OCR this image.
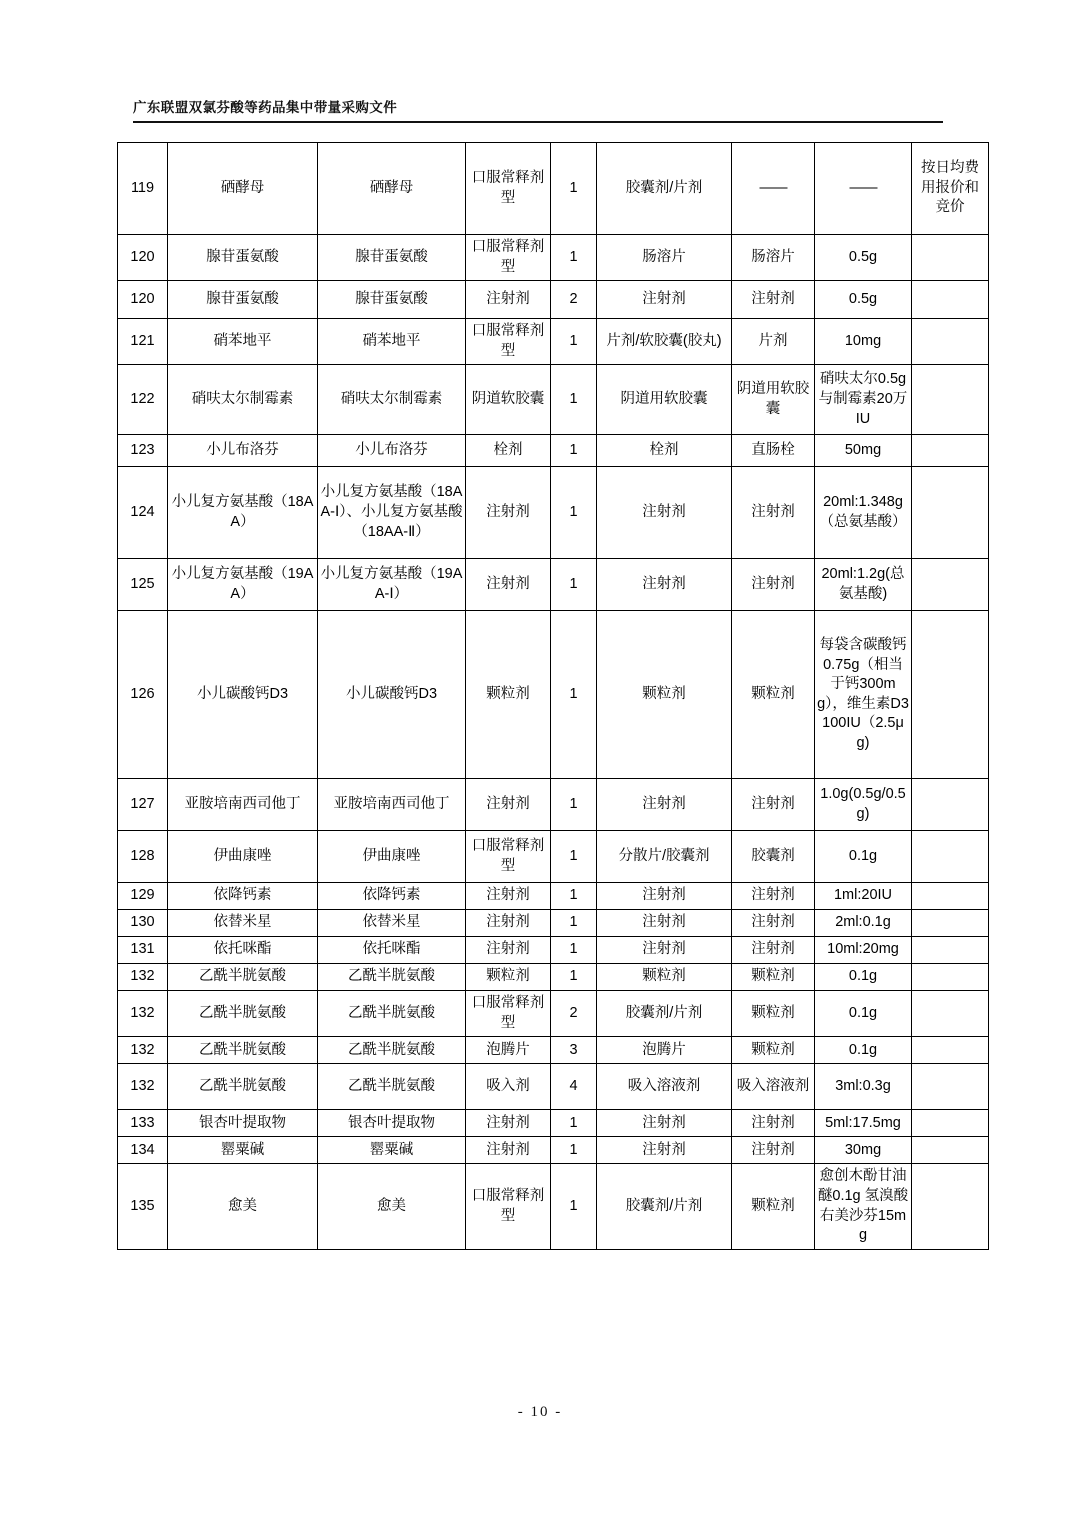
广东联盟双氯芬酸等药品集中带量采购文件
119	硒酵母	硒酵母	口服常释剂型	1	胶囊剂/片剂	——	——	按日均费用报价和竞价
120	腺苷蛋氨酸	腺苷蛋氨酸	口服常释剂型	1	肠溶片	肠溶片	0.5g	
120	腺苷蛋氨酸	腺苷蛋氨酸	注射剂	2	注射剂	注射剂	0.5g	
121	硝苯地平	硝苯地平	口服常释剂型	1	片剂/软胶囊(胶丸)	片剂	10mg	
122	硝呋太尔制霉素	硝呋太尔制霉素	阴道软胶囊	1	阴道用软胶囊	阴道用软胶囊	硝呋太尔0.5g与制霉素20万IU	
123	小儿布洛芬	小儿布洛芬	栓剂	1	栓剂	直肠栓	50mg	
124	小儿复方氨基酸（18AA）	小儿复方氨基酸（18AA-Ⅰ）、小儿复方氨基酸（18AA-Ⅱ）	注射剂	1	注射剂	注射剂	20ml:1.348g（总氨基酸）	
125	小儿复方氨基酸（19AA）	小儿复方氨基酸（19AA-Ⅰ）	注射剂	1	注射剂	注射剂	20ml:1.2g(总氨基酸)	
126	小儿碳酸钙D3	小儿碳酸钙D3	颗粒剂	1	颗粒剂	颗粒剂	每袋含碳酸钙0.75g（相当于钙300mg），维生素D3 100IU（2.5μg)	
127	亚胺培南西司他丁	亚胺培南西司他丁	注射剂	1	注射剂	注射剂	1.0g(0.5g/0.5g)	
128	伊曲康唑	伊曲康唑	口服常释剂型	1	分散片/胶囊剂	胶囊剂	0.1g	
129	依降钙素	依降钙素	注射剂	1	注射剂	注射剂	1ml:20IU	
130	依替米星	依替米星	注射剂	1	注射剂	注射剂	2ml:0.1g	
131	依托咪酯	依托咪酯	注射剂	1	注射剂	注射剂	10ml:20mg	
132	乙酰半胱氨酸	乙酰半胱氨酸	颗粒剂	1	颗粒剂	颗粒剂	0.1g	
132	乙酰半胱氨酸	乙酰半胱氨酸	口服常释剂型	2	胶囊剂/片剂	颗粒剂	0.1g	
132	乙酰半胱氨酸	乙酰半胱氨酸	泡腾片	3	泡腾片	颗粒剂	0.1g	
132	乙酰半胱氨酸	乙酰半胱氨酸	吸入剂	4	吸入溶液剂	吸入溶液剂	3ml:0.3g	
133	银杏叶提取物	银杏叶提取物	注射剂	1	注射剂	注射剂	5ml:17.5mg	
134	罂粟碱	罂粟碱	注射剂	1	注射剂	注射剂	30mg	
135	愈美	愈美	口服常释剂型	1	胶囊剂/片剂	颗粒剂	愈创木酚甘油醚0.1g 氢溴酸右美沙芬15mg	
- 10 -
